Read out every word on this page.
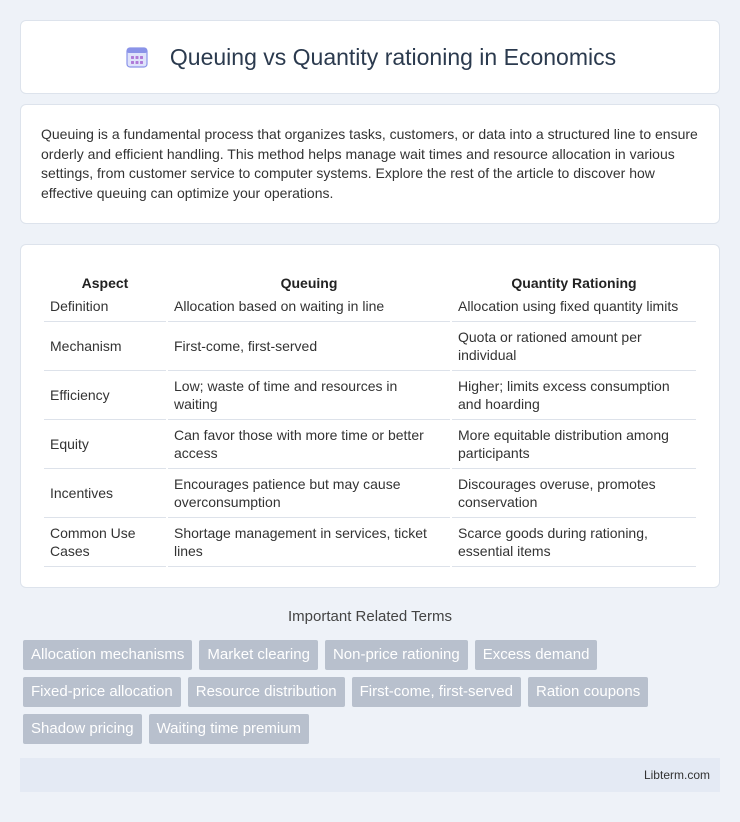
Queuing vs Quantity rationing in Economics

Queuing is a fundamental process that organizes tasks, customers, or data into a structured line to ensure orderly and efficient handling. This method helps manage wait times and resource allocation in various settings, from customer service to computer systems. Explore the rest of the article to discover how effective queuing can optimize your operations.

Aspect	Queuing	Quantity Rationing
Definition	Allocation based on waiting in line	Allocation using fixed quantity limits
Mechanism	First-come, first-served	Quota or rationed amount per individual
Efficiency	Low; waste of time and resources in waiting	Higher; limits excess consumption and hoarding
Equity	Can favor those with more time or better access	More equitable distribution among participants
Incentives	Encourages patience but may cause overconsumption	Discourages overuse, promotes conservation
Common Use Cases	Shortage management in services, ticket lines	Scarce goods during rationing, essential items
Important Related Terms
Allocation mechanisms	Market clearing	Non-price rationing	Excess demand
Fixed-price allocation	Resource distribution	First-come, first-served	Ration coupons
Shadow pricing	Waiting time premium
Libterm.com
